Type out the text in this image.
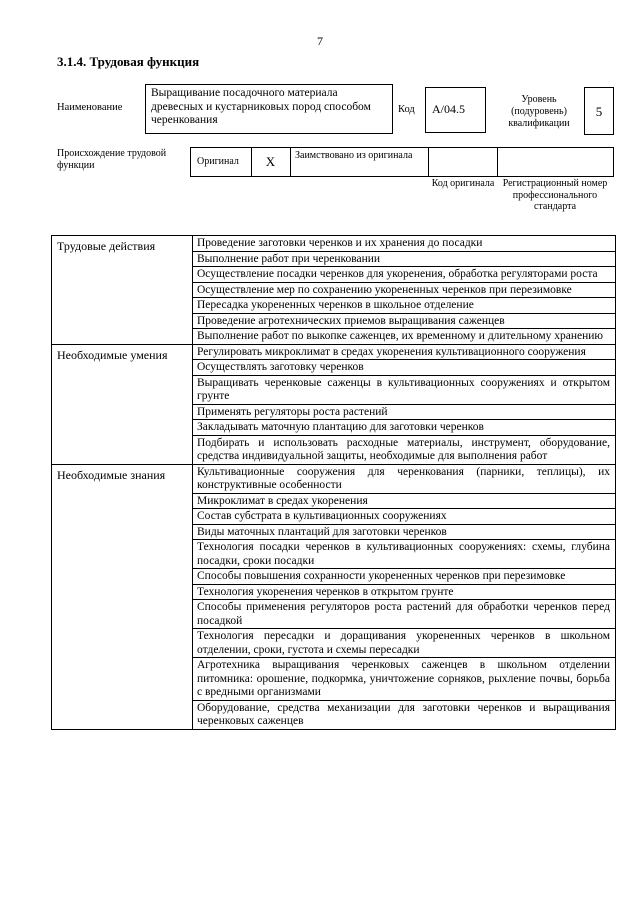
7
3.1.4. Трудовая функция
Наименование
Выращивание посадочного материала древесных и кустарниковых пород способом черенкования
Код	A/04.5
Уровень (подуровень) квалификации
5
Происхождение трудовой функции	Оригинал	X	Заимствовано из оригинала
Код оригинала Регистрационный номер профессионального стандарта
Трудовые действия	Проведение заготовки черенков и их хранения до посадки
Выполнение работ при черенковании
Осуществление посадки черенков для укоренения, обработка регуляторами роста
Осуществление мер по сохранению укорененных черенков при перезимовке
Пересадка укорененных черенков в школьное отделение
Проведение агротехнических приемов выращивания саженцев
Выполнение работ по выкопке саженцев, их временному и длительному хранению
Необходимые умения	Регулировать микроклимат в средах укоренения культивационного сооружения
Осуществлять заготовку черенков
Выращивать черенковые саженцы в культивационных сооружениях и открытом грунте
Применять регуляторы роста растений
Закладывать маточную плантацию для заготовки черенков
Подбирать и использовать расходные материалы, инструмент, оборудование, средства индивидуальной защиты, необходимые для выполнения работ
Необходимые знания	Культивационные сооружения для черенкования (парники, теплицы), их конструктивные особенности
Микроклимат в средах укоренения
Состав субстрата в культивационных сооружениях
Виды маточных плантаций для заготовки черенков
Технология посадки черенков в культивационных сооружениях: схемы, глубина посадки, сроки посадки
Способы повышения сохранности укорененных черенков при перезимовке
Технология укоренения черенков в открытом грунте
Способы применения регуляторов роста растений для обработки черенков перед посадкой
Технология пересадки и доращивания укорененных черенков в школьном отделении, сроки, густота и схемы пересадки
Агротехника выращивания черенковых саженцев в школьном отделении питомника: орошение, подкормка, уничтожение сорняков, рыхление почвы, борьба с вредными организмами
Оборудование, средства механизации для заготовки черенков и выращивания черенковых саженцев
